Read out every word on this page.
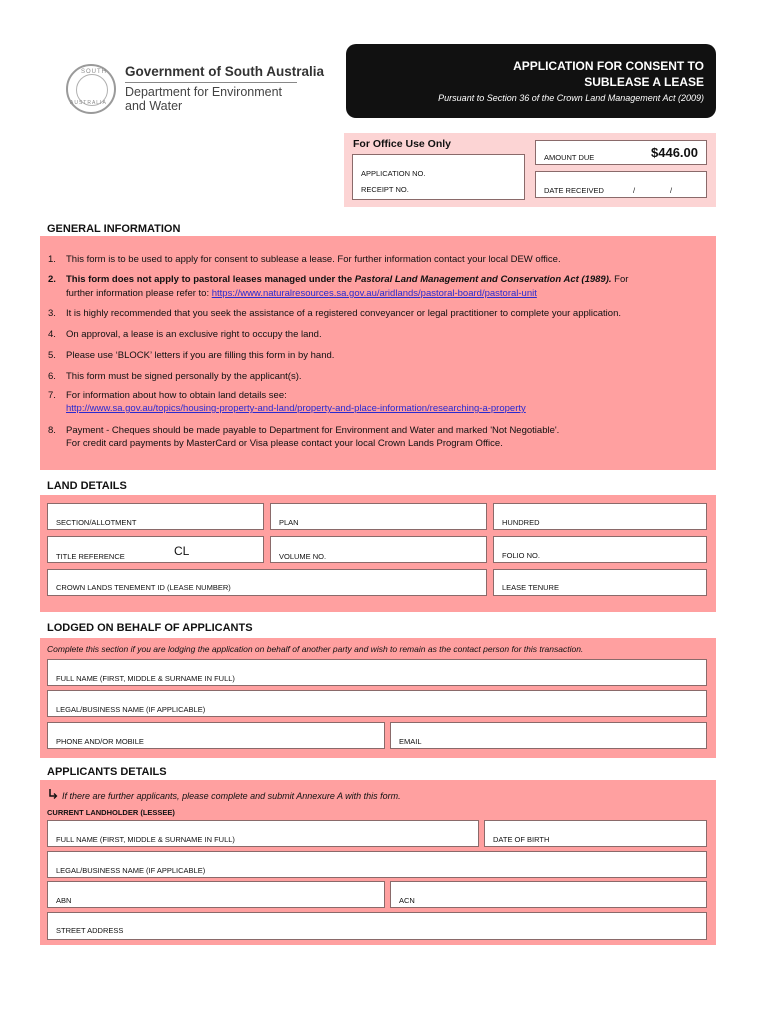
SOUTH
AUSTRALIA
Government of South Australia
Department for Environment
and Water
APPLICATION FOR CONSENT TO
SUBLEASE A LEASE
Pursuant to Section 36 of the Crown Land Management Act (2009)
For Office Use Only
APPLICATION NO.
RECEIPT NO.
AMOUNT DUE	$446.00
DATE RECEIVED	/	/
GENERAL INFORMATION
1. This form is to be used to apply for consent to sublease a lease. For further information contact your local DEW office.
2. This form does not apply to pastoral leases managed under the Pastoral Land Management and Conservation Act (1989). For
further information please refer to: https://www.naturalresources.sa.gov.au/aridlands/pastoral-board/pastoral-unit
3. It is highly recommended that you seek the assistance of a registered conveyancer or legal practitioner to complete your application.
4. On approval, a lease is an exclusive right to occupy the land.
5. Please use ‘BLOCK’ letters if you are filling this form in by hand.
6. This form must be signed personally by the applicant(s).
7. For information about how to obtain land details see:
http://www.sa.gov.au/topics/housing-property-and-land/property-and-place-information/researching-a-property
8. Payment - Cheques should be made payable to Department for Environment and Water and marked 'Not Negotiable'.
For credit card payments by MasterCard or Visa please contact your local Crown Lands Program Office.
LAND DETAILS
SECTION/ALLOTMENT	PLAN	HUNDRED
TITLE REFERENCE	CL	VOLUME NO.	FOLIO NO.
CROWN LANDS TENEMENT ID (LEASE NUMBER)	LEASE TENURE
LODGED ON BEHALF OF APPLICANTS
Complete this section if you are lodging the application on behalf of another party and wish to remain as the contact person for this transaction.
FULL NAME (FIRST, MIDDLE & SURNAME IN FULL)
LEGAL/BUSINESS NAME (IF APPLICABLE)
PHONE AND/OR MOBILE	EMAIL
APPLICANTS DETAILS
If there are further applicants, please complete and submit Annexure A with this form.
CURRENT LANDHOLDER (LESSEE)
FULL NAME (FIRST, MIDDLE & SURNAME IN FULL)	DATE OF BIRTH
LEGAL/BUSINESS NAME (IF APPLICABLE)
ABN	ACN
STREET ADDRESS
